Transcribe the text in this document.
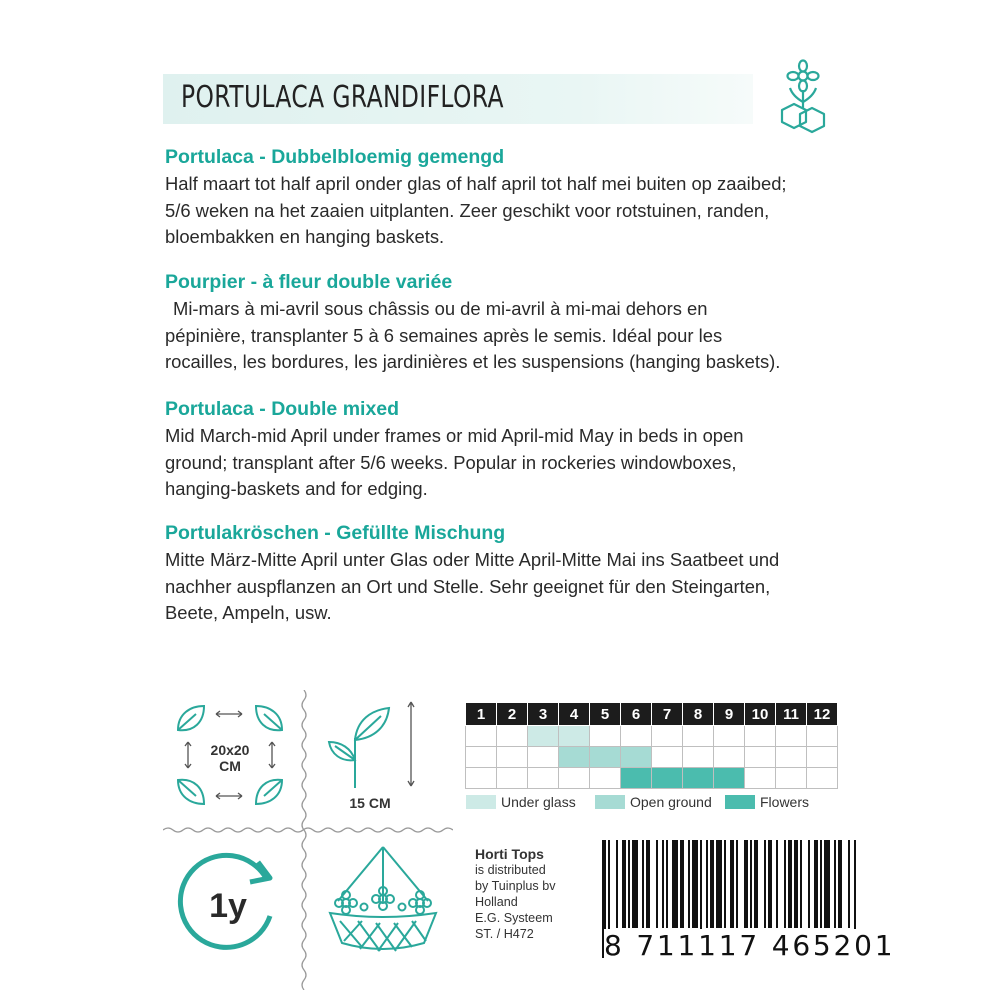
PORTULACA GRANDIFLORA
Portulaca - Dubbelbloemig gemengd

Half maart tot half april onder glas of half april tot half mei buiten op zaaibed;
5/6 weken na het zaaien uitplanten. Zeer geschikt voor rotstuinen, randen,
bloembakken en hanging baskets.

Pourpier - à fleur double variée

Mi-mars à mi-avril sous châssis ou de mi-avril à mi-mai dehors en
pépinière, transplanter 5 à 6 semaines après le semis. Idéal pour les
rocailles, les bordures, les jardinières et les suspensions (hanging baskets).

Portulaca - Double mixed

Mid March-mid April under frames or mid April-mid May in beds in open
ground; transplant after 5/6 weeks. Popular in rockeries windowboxes,
hanging-baskets and for edging.

Portulakröschen - Gefüllte Mischung

Mitte März-Mitte April unter Glas oder Mitte April-Mitte Mai ins Saatbeet und
nachher auspflanzen an Ort und Stelle. Sehr geeignet für den Steingarten,
Beete, Ampeln, usw.

20x20
CM
15 CM
1y
1	2	3	4	5	6	7	8	9	10	11	12

Under glass	Open ground	Flowers
Horti Tops
is distributed
by Tuinplus bv
Holland
E.G. Systeem
ST. / H472	8 711117 465201
